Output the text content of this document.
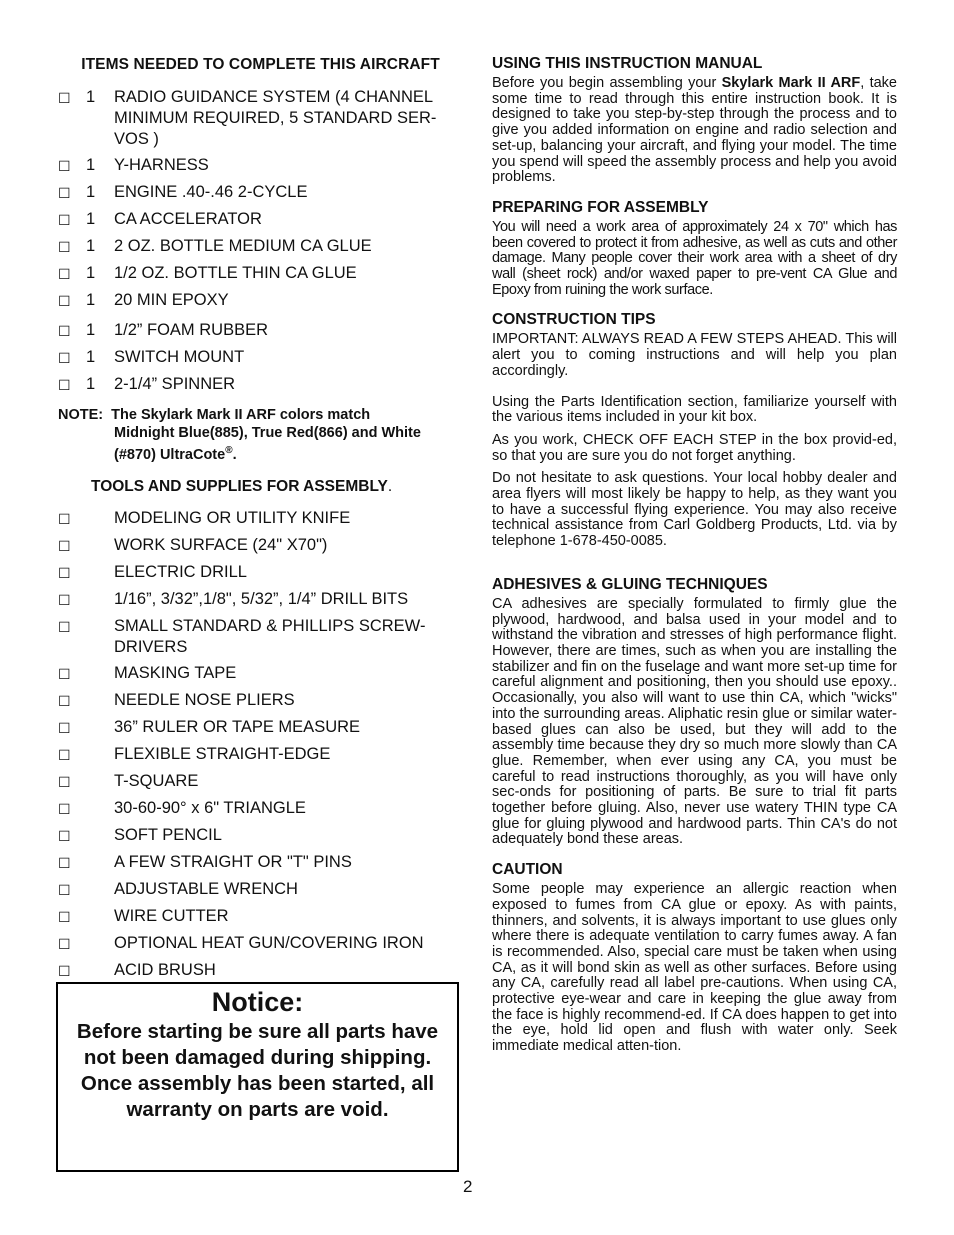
ITEMS NEEDED TO COMPLETE THIS AIRCRAFT
☐ 1	RADIO GUIDANCE SYSTEM (4 CHANNEL MINIMUM REQUIRED, 5 STANDARD SER-VOS )
☐ 1	Y-HARNESS
☐ 1	ENGINE .40-.46 2-CYCLE
☐ 1	CA ACCELERATOR
☐ 1	2 OZ. BOTTLE MEDIUM CA GLUE
☐ 1	1/2 OZ. BOTTLE THIN CA GLUE
☐ 1	20 MIN EPOXY
☐ 1	1/2” FOAM RUBBER
☐ 1	SWITCH MOUNT
☐ 1	2-1/4” SPINNER
NOTE: The Skylark Mark II ARF colors match
Midnight Blue(885), True Red(866) and White (#870) UltraCote®.
TOOLS AND SUPPLIES FOR ASSEMBLY.
☐	MODELING OR UTILITY KNIFE
☐	WORK SURFACE (24" X70")
☐	ELECTRIC DRILL
☐	1/16”, 3/32”,1/8", 5/32”, 1/4” DRILL BITS
☐	SMALL STANDARD & PHILLIPS SCREW-DRIVERS
☐	MASKING TAPE
☐	NEEDLE NOSE PLIERS
☐	36” RULER OR TAPE MEASURE
☐	FLEXIBLE STRAIGHT-EDGE
☐	T-SQUARE
☐	30-60-90° x 6" TRIANGLE
☐	SOFT PENCIL
☐	A FEW STRAIGHT OR "T" PINS
☐	ADJUSTABLE WRENCH
☐	WIRE CUTTER
☐	OPTIONAL HEAT GUN/COVERING IRON
☐	ACID BRUSH
Notice:
Before starting be sure all parts have not been damaged during shipping. Once assembly has been started, all warranty on parts are void.
2
USING THIS INSTRUCTION MANUAL

Before you begin assembling your Skylark Mark II ARF, take some time to read through this entire instruction book. It is designed to take you step-by-step through the process and to give you added information on engine and radio selection and set-up, balancing your aircraft, and flying your model. The time you spend will speed the assembly process and help you avoid problems.

PREPARING FOR ASSEMBLY

You will need a work area of approximately 24 x 70" which has been covered to protect it from adhesive, as well as cuts and other damage. Many people cover their work area with a sheet of dry wall (sheet rock) and/or waxed paper to pre-vent CA Glue and Epoxy from ruining the work surface.

CONSTRUCTION TIPS

IMPORTANT: ALWAYS READ A FEW STEPS AHEAD. This will alert you to coming instructions and will help you plan accordingly.

Using the Parts Identification section, familiarize yourself with the various items included in your kit box.

As you work, CHECK OFF EACH STEP in the box provid-ed, so that you are sure you do not forget anything.

Do not hesitate to ask questions. Your local hobby dealer and area flyers will most likely be happy to help, as they want you to have a successful flying experience. You may also receive technical assistance from Carl Goldberg Products, Ltd. via by telephone 1-678-450-0085.

ADHESIVES & GLUING TECHNIQUES

CA adhesives are specially formulated to firmly glue the plywood, hardwood, and balsa used in your model and to withstand the vibration and stresses of high performance flight. However, there are times, such as when you are installing the stabilizer and fin on the fuselage and want more set-up time for careful alignment and positioning, then you should use epoxy.. Occasionally, you also will want to use thin CA, which "wicks" into the surrounding areas. Aliphatic resin glue or similar water-based glues can also be used, but they will add to the assembly time because they dry so much more slowly than CA glue. Remember, when ever using any CA, you must be careful to read instructions thoroughly, as you will have only sec-onds for positioning of parts. Be sure to trial fit parts together before gluing. Also, never use watery THIN type CA glue for gluing plywood and hardwood parts. Thin CA's do not adequately bond these areas.

CAUTION

Some people may experience an allergic reaction when exposed to fumes from CA glue or epoxy. As with paints, thinners, and solvents, it is always important to use glues only where there is adequate ventilation to carry fumes away. A fan is recommended. Also, special care must be taken when using CA, as it will bond skin as well as other surfaces. Before using any CA, carefully read all label pre-cautions. When using CA, protective eye-wear and care in keeping the glue away from the face is highly recommend-ed. If CA does happen to get into the eye, hold lid open and flush with water only. Seek immediate medical atten-tion.
